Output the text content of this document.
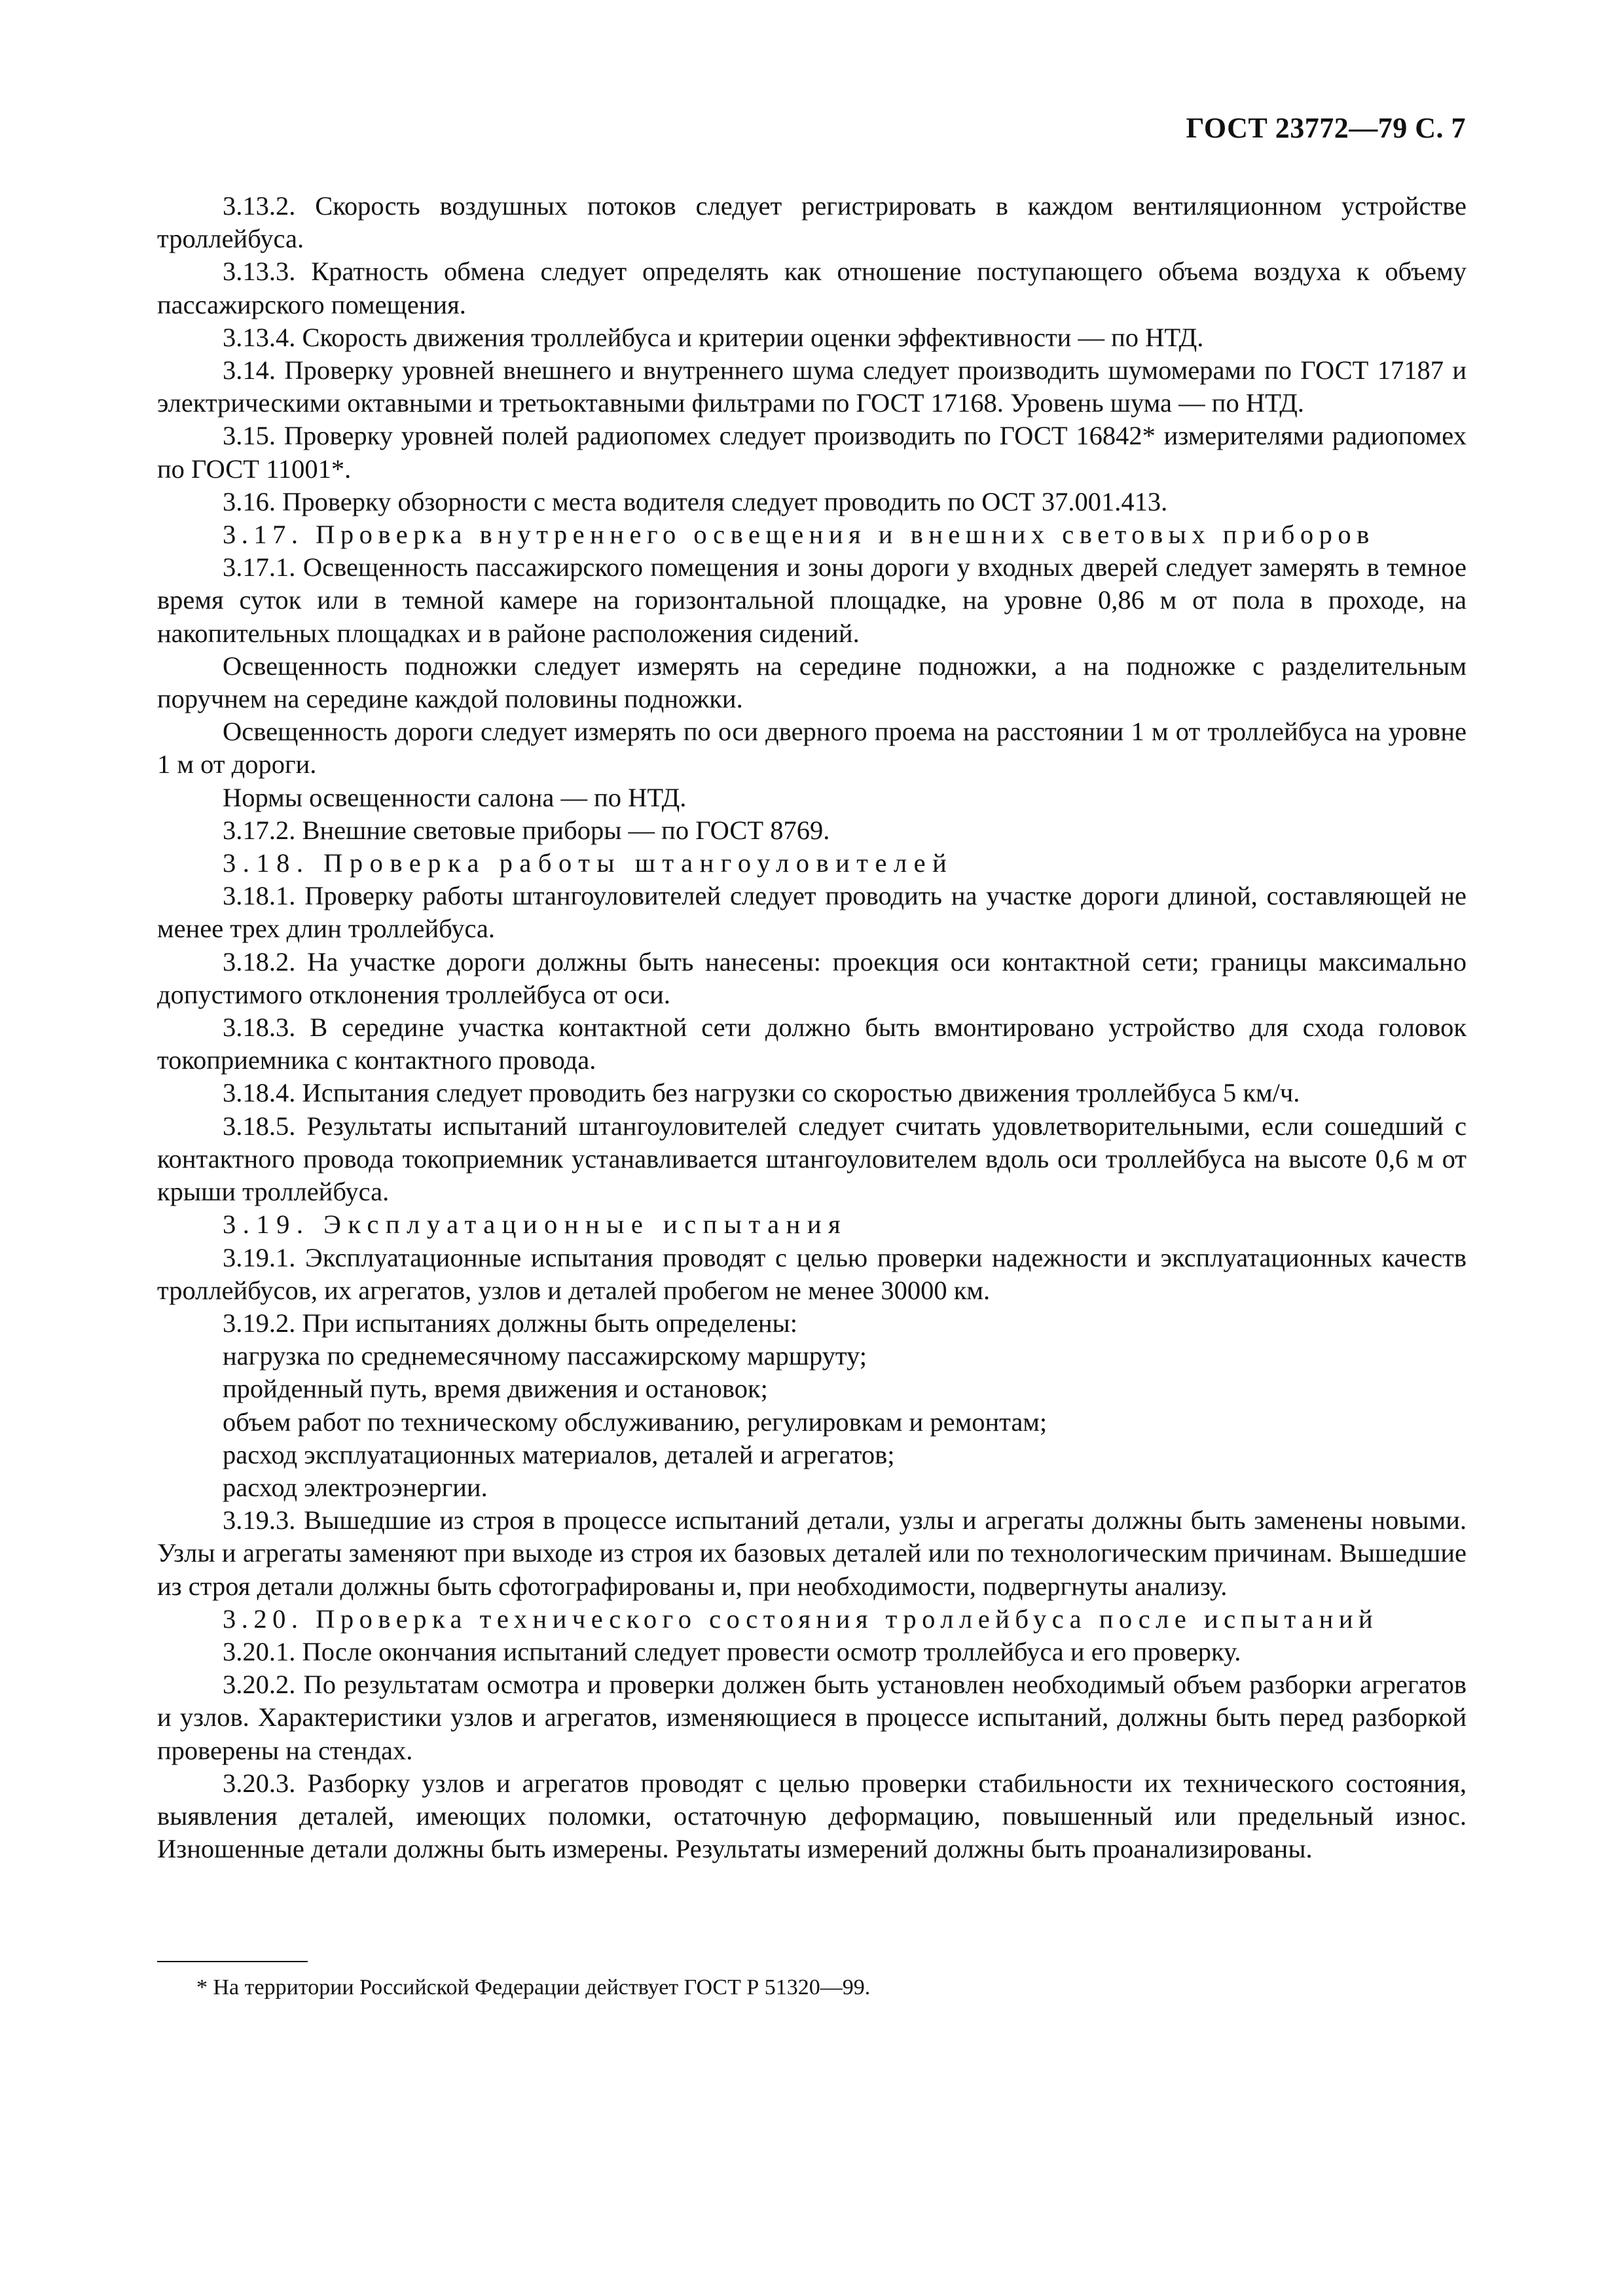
ГОСТ 23772—79 С. 7

3.13.2. Скорость воздушных потоков следует регистрировать в каждом вентиляционном устройстве троллейбуса.

3.13.3. Кратность обмена следует определять как отношение поступающего объема воздуха к объему пассажирского помещения.

3.13.4. Скорость движения троллейбуса и критерии оценки эффективности — по НТД.

3.14. Проверку уровней внешнего и внутреннего шума следует производить шумомерами по ГОСТ 17187 и электрическими октавными и третьоктавными фильтрами по ГОСТ 17168. Уровень шума — по НТД.

3.15. Проверку уровней полей радиопомех следует производить по ГОСТ 16842* измерителями радиопомех по ГОСТ 11001*.

3.16. Проверку обзорности с места водителя следует проводить по ОСТ 37.001.413.

3.17. Проверка внутреннего освещения и внешних световых приборов

3.17.1. Освещенность пассажирского помещения и зоны дороги у входных дверей следует замерять в темное время суток или в темной камере на горизонтальной площадке, на уровне 0,86 м от пола в проходе, на накопительных площадках и в районе расположения сидений.

Освещенность подножки следует измерять на середине подножки, а на подножке с разделительным поручнем на середине каждой половины подножки.

Освещенность дороги следует измерять по оси дверного проема на расстоянии 1 м от троллейбуса на уровне 1 м от дороги.

Нормы освещенности салона — по НТД.

3.17.2. Внешние световые приборы — по ГОСТ 8769.

3.18. Проверка работы штангоуловителей

3.18.1. Проверку работы штангоуловителей следует проводить на участке дороги длиной, составляющей не менее трех длин троллейбуса.

3.18.2. На участке дороги должны быть нанесены: проекция оси контактной сети; границы максимально допустимого отклонения троллейбуса от оси.

3.18.3. В середине участка контактной сети должно быть вмонтировано устройство для схода головок токоприемника с контактного провода.

3.18.4. Испытания следует проводить без нагрузки со скоростью движения троллейбуса 5 км/ч.

3.18.5. Результаты испытаний штангоуловителей следует считать удовлетворительными, если сошедший с контактного провода токоприемник устанавливается штангоуловителем вдоль оси троллейбуса на высоте 0,6 м от крыши троллейбуса.

3.19. Эксплуатационные испытания

3.19.1. Эксплуатационные испытания проводят с целью проверки надежности и эксплуатационных качеств троллейбусов, их агрегатов, узлов и деталей пробегом не менее 30000 км.

3.19.2. При испытаниях должны быть определены:

нагрузка по среднемесячному пассажирскому маршруту;

пройденный путь, время движения и остановок;

объем работ по техническому обслуживанию, регулировкам и ремонтам;

расход эксплуатационных материалов, деталей и агрегатов;

расход электроэнергии.

3.19.3. Вышедшие из строя в процессе испытаний детали, узлы и агрегаты должны быть заменены новыми. Узлы и агрегаты заменяют при выходе из строя их базовых деталей или по технологическим причинам. Вышедшие из строя детали должны быть сфотографированы и, при необходимости, подвергнуты анализу.

3.20. Проверка технического состояния троллейбуса после испытаний

3.20.1. После окончания испытаний следует провести осмотр троллейбуса и его проверку.

3.20.2. По результатам осмотра и проверки должен быть установлен необходимый объем разборки агрегатов и узлов. Характеристики узлов и агрегатов, изменяющиеся в процессе испытаний, должны быть перед разборкой проверены на стендах.

3.20.3. Разборку узлов и агрегатов проводят с целью проверки стабильности их технического состояния, выявления деталей, имеющих поломки, остаточную деформацию, повышенный или предельный износ. Изношенные детали должны быть измерены. Результаты измерений должны быть проанализированы.

* На территории Российской Федерации действует ГОСТ Р 51320—99.
